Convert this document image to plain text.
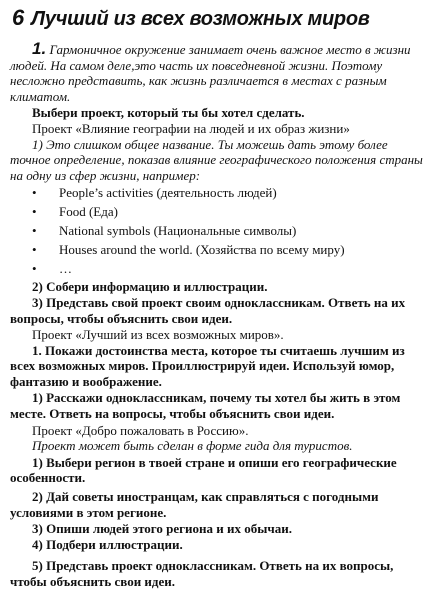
6 Лучший из всех возможных миров

1. Гармоничное окружение занимает очень важное место в жизни людей. На самом деле,это часть их повседневной жизни. Поэтому несложно представить, как жизнь различается в местах с разным климатом.

Выбери проект, который ты бы хотел сделать.

Проект «Влияние географии на людей и их образ жизни»

1) Это слишком общее название. Ты можешь дать этому более точное определение, показав влияние географического положения страны на одну из сфер жизни, например:

• People’s activities (деятельность людей)
• Food (Еда)
• National symbols (Национальные символы)
• Houses around the world. (Хозяйства по всему миру)
• …

2) Собери информацию и иллюстрации.

3) Представь свой проект своим одноклассникам. Ответь на их вопросы, чтобы объяснить свои идеи.

Проект «Лучший из всех возможных миров».

1. Покажи достоинства места, которое ты считаешь лучшим из всех возможных миров. Проиллюстрируй идеи. Используй юмор, фантазию и воображение.

1) Расскажи одноклассникам, почему ты хотел бы жить в этом месте. Ответь на вопросы, чтобы объяснить свои идеи.

Проект «Добро пожаловать в Россию».

Проект может быть сделан в форме гида для туристов.

1) Выбери регион в твоей стране и опиши его географические особенности.

2) Дай советы иностранцам, как справляться с погодными условиями в этом регионе.

3) Опиши людей этого региона и их обычаи.

4) Подбери иллюстрации.

5) Представь проект одноклассникам. Ответь на их вопросы, чтобы объяснить свои идеи.
